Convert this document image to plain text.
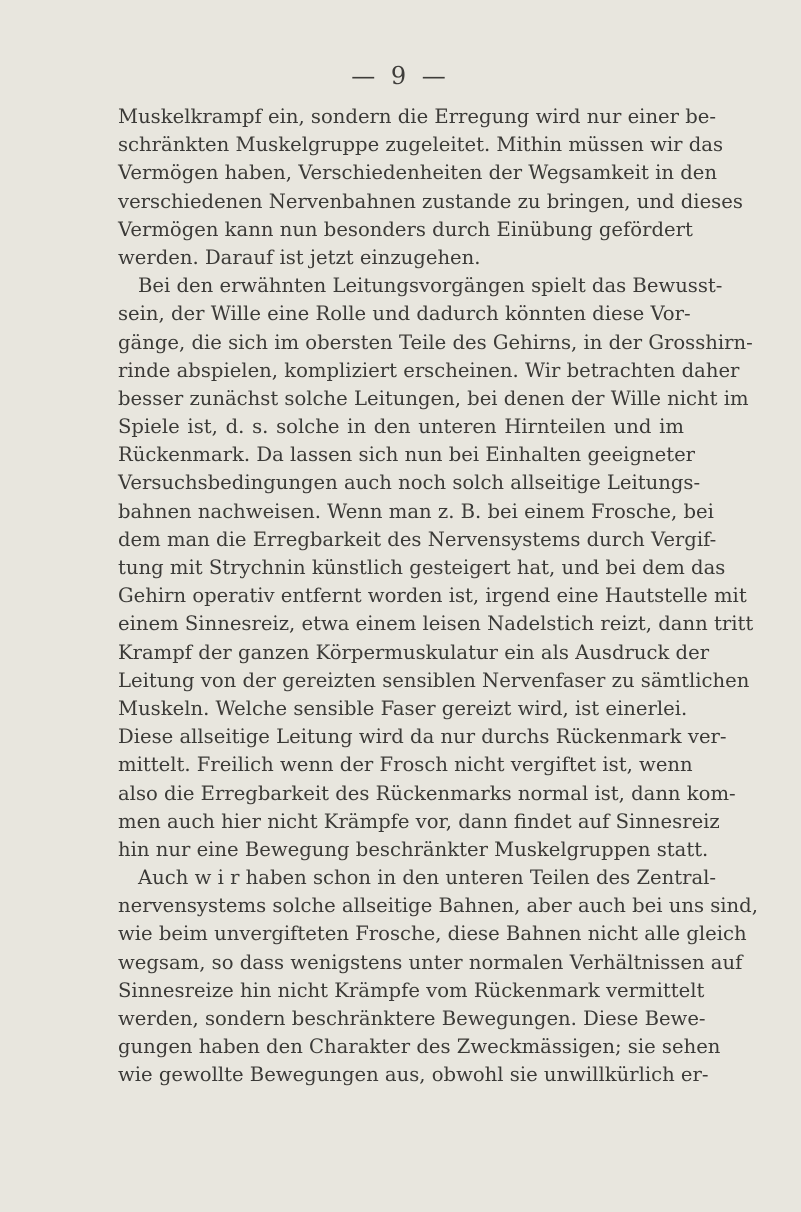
— 9 —
Muskelkrampf ein, sondern die Erregung wird nur einer be-
schränkten Muskelgruppe zugeleitet. Mithin müssen wir das
Vermögen haben, Verschiedenheiten der Wegsamkeit in den
verschiedenen Nervenbahnen zustande zu bringen, und dieses
Vermögen kann nun besonders durch Einübung gefördert
werden. Darauf ist jetzt einzugehen.
Bei den erwähnten Leitungsvorgängen spielt das Bewusst-
sein, der Wille eine Rolle und dadurch könnten diese Vor-
gänge, die sich im obersten Teile des Gehirns, in der Grosshirn-
rinde abspielen, kompliziert erscheinen. Wir betrachten daher
besser zunächst solche Leitungen, bei denen der Wille nicht im
Spiele ist, d. s. solche in den unteren Hirnteilen und im
Rückenmark. Da lassen sich nun bei Einhalten geeigneter
Versuchsbedingungen auch noch solch allseitige Leitungs-
bahnen nachweisen. Wenn man z. B. bei einem Frosche, bei
dem man die Erregbarkeit des Nervensystems durch Vergif-
tung mit Strychnin künstlich gesteigert hat, und bei dem das
Gehirn operativ entfernt worden ist, irgend eine Hautstelle mit
einem Sinnesreiz, etwa einem leisen Nadelstich reizt, dann tritt
Krampf der ganzen Körpermuskulatur ein als Ausdruck der
Leitung von der gereizten sensiblen Nervenfaser zu sämtlichen
Muskeln. Welche sensible Faser gereizt wird, ist einerlei.
Diese allseitige Leitung wird da nur durchs Rückenmark ver-
mittelt. Freilich wenn der Frosch nicht vergiftet ist, wenn
also die Erregbarkeit des Rückenmarks normal ist, dann kom-
men auch hier nicht Krämpfe vor, dann findet auf Sinnesreiz
hin nur eine Bewegung beschränkter Muskelgruppen statt.
Auch w i r haben schon in den unteren Teilen des Zentral-
nervensystems solche allseitige Bahnen, aber auch bei uns sind,
wie beim unvergifteten Frosche, diese Bahnen nicht alle gleich
wegsam, so dass wenigstens unter normalen Verhältnissen auf
Sinnesreize hin nicht Krämpfe vom Rückenmark vermittelt
werden, sondern beschränktere Bewegungen. Diese Bewe-
gungen haben den Charakter des Zweckmässigen; sie sehen
wie gewollte Bewegungen aus, obwohl sie unwillkürlich er-
